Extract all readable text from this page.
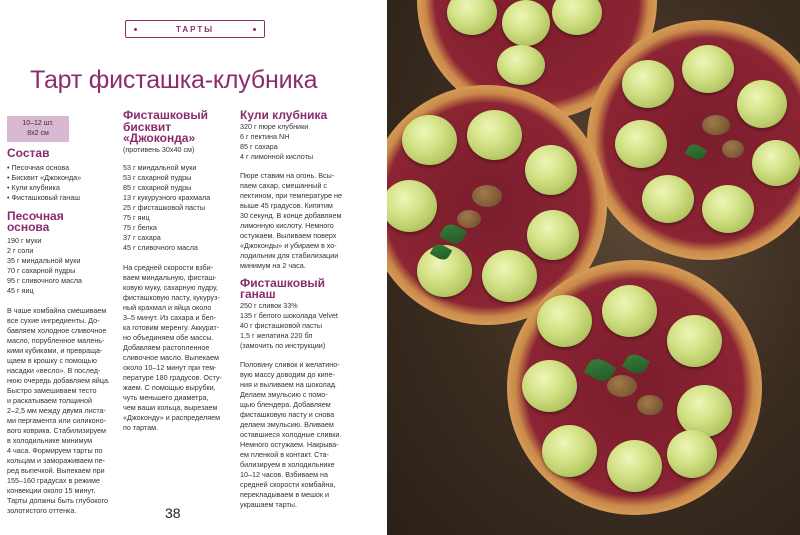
ТАРТЫ
Тарт фисташка-клубника
10–12 шт.
8х2 см
Состав
• Песочная основа
• Бисквит «Джоконда»
• Кули клубника
• Фисташковый ганаш
Песочная
основа
190 г муки
2 г соли
35 г миндальной муки
70 г сахарной пудры
95 г сливочного масла
45 г яиц
В чаше комбайна смешиваем
все сухие ингредиенты. До-
бавляем холодное сливочное
масло, порубленное малень-
кими кубиками, и превраща-
щаем в крошку с помощью
насадки «весло». В послед-
нюю очередь добавляем яйца.
Быстро замешиваем тесто
и раскатываем толщиной
2–2,5 мм между двумя листа-
ми пергамента или силиконо-
вого коврика. Стабилизируем
в холодильнике минимум
4 часа. Формируем тарты по
кольцам и замораживаем пе-
ред выпечкой. Выпекаем при
155–160 градусах в режиме
конвекции около 15 минут.
Тарты должны быть глубокого
золотистого оттенка.
Фисташковый
бисквит
«Джоконда»
(противень 30х40 см)
53 г миндальной муки
53 г сахарной пудры
85 г сахарной пудры
13 г кукурузного крахмала
25 г фисташковой пасты
75 г яиц
75 г белка
37 г сахара
45 г сливочного масла
На средней скорости взби-
ваем миндальную, фисташ-
ковую муку, сахарную пудру,
фисташковую пасту, кукуруз-
ный крахмал и яйца около
3–5 минут. Из сахара и бел-
ка готовим меренгу. Аккурат-
но объединяем обе массы.
Добавляем растопленное
сливочное масло. Выпекаем
около 10–12 минут при тем-
пературе 180 градусов. Осту-
жаем. С помощью вырубки,
чуть меньшего диаметра,
чем ваши кольца, вырезаем
«Джоконду» и распределяем
по тартам.
Кули клубника
320 г пюре клубники
6 г пектина NH
85 г сахара
4 г лимонной кислоты
Пюре ставим на огонь. Всы-
паем сахар, смешанный с
пектином, при температуре не
выше 45 градусов. Кипятим
30 секунд. В конце добавляем
лимонную кислоту. Немного
остужаем. Выливаем поверх
«Джоконды» и убираем в хо-
лодильник для стабилизации
минимум на 2 часа.
Фисташковый
ганаш
250 г сливок 33%
135 г белого шоколада Velvet
40 г фисташковой пасты
1,5 г желатина 220 бл
(замочить по инструкции)
Половину сливок и желатино-
вую массу доводим до кипе-
ния и выливаем на шоколад.
Делаем эмульсию с помо-
щью блендера. Добавляем
фисташковую пасту и снова
делаем эмульсию. Вливаем
оставшиеся холодные сливки.
Немного остужаем. Накрыва-
ем пленкой в контакт. Ста-
билизируем в холодильнике
10–12 часов. Взбиваем на
средней скорости комбайна,
перекладываем в мешок и
украшаем тарты.
38
